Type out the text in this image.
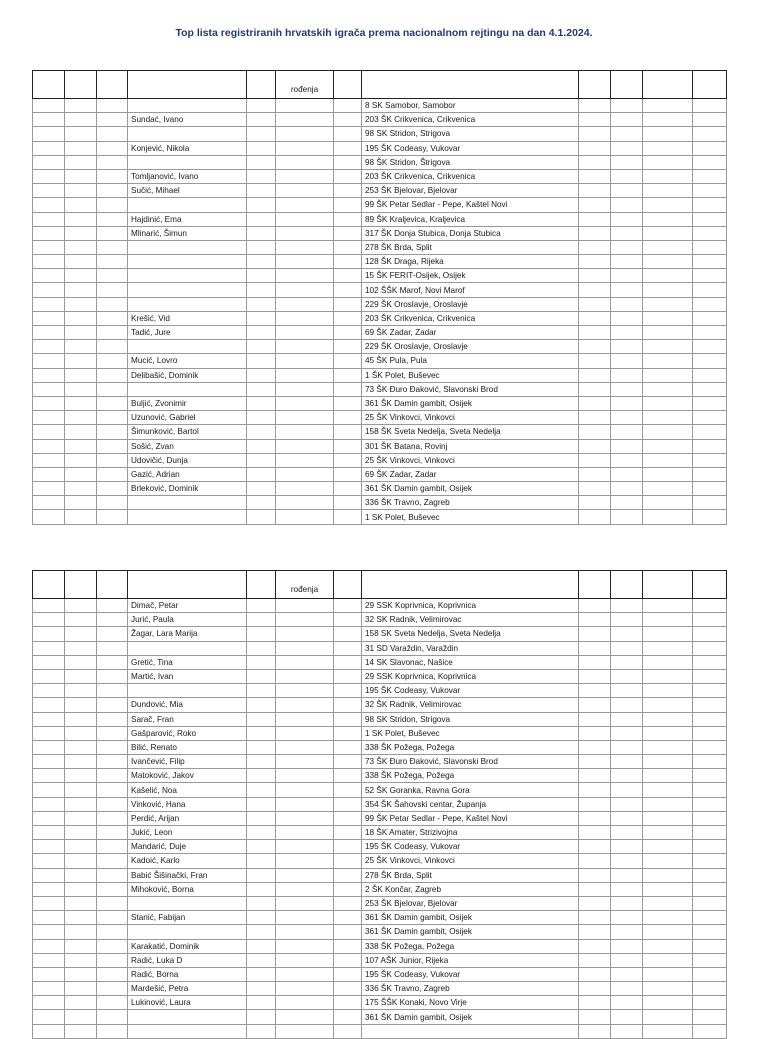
Top lista registriranih hrvatskih igrača prema nacionalnom rejtingu na dan 4.1.2024.
					rođenja						
							8 SK Samobor, Samobor				
			Sundać, Ivano				203 ŠK Crikvenica, Crikvenica				
							98 SK Stridon, Strigova				
			Konjević, Nikola				195 ŠK Codeasy, Vukovar				
							98 ŠK Stridon, Štrigova				
			Tomljanović, Ivano				203 ŠK Crikvenica, Crikvenica				
			Sučić, Mihael				253 ŠK Bjelovar, Bjelovar				
							99 ŠK Petar Sedlar - Pepe, Kaštel Novi				
			Hajdinić, Ema				89 ŠK Kraljevica, Kraljevica				
			Mlinarić, Šimun				317 ŠK Donja Stubica, Donja Stubica				
							278 ŠK Brda, Split				
							128 ŠK Draga, Rijeka				
							15 ŠK FERIT-Osijek, Osijek				
							102 ŠŠK Marof, Novi Marof				
							229 ŠK Oroslavje, Oroslavje				
			Krešić, Vid				203 ŠK Crikvenica, Crikvenica				
			Tadić, Jure				69 ŠK Zadar, Zadar				
							229 ŠK Oroslavje, Oroslavje				
			Mucić, Lovro				45 ŠK Pula, Pula				
			Delibašić, Dominik				1 ŠK Polet, Buševec				
							73 ŠK Đuro Đaković, Slavonski Brod				
			Buljić, Zvonimir				361 ŠK Damin gambit, Osijek				
			Uzunović, Gabriel				25 ŠK Vinkovci, Vinkovci				
			Šimunković, Bartol				158 ŠK Sveta Nedelja, Sveta Nedelja				
			Sošić, Zvan				301 ŠK Batana, Rovinj				
			Udovičić, Dunja				25 ŠK Vinkovci, Vinkovci				
			Gazić, Adrian				69 ŠK Zadar, Zadar				
			Brleković, Dominik				361 ŠK Damin gambit, Osijek				
							336 ŠK Travno, Zagreb				
							1 SK Polet, Buševec				
					rođenja						
			Dimač, Petar				29 SSK Koprivnica, Koprivnica				
			Jurić, Paula				32 SK Radnik, Velimirovac				
			Žagar, Lara Marija				158 SK Sveta Nedelja, Sveta Nedelja				
							31 SD Varaždin, Varaždin				
			Gretić, Tina				14 SK Slavonac, Našice				
			Martić, Ivan				29 SSK Koprivnica, Koprivnica				
							195 ŠK Codeasy, Vukovar				
			Dundović, Mia				32 ŠK Radnik, Velimirovac				
			Sarač, Fran				98 SK Stridon, Strigova				
			Gašparović, Roko				1 SK Polet, Buševec				
			Bilić, Renato				338 ŠK Požega, Požega				
			Ivančević, Filip				73 ŠK Đuro Đaković, Slavonski Brod				
			Matoković, Jakov				338 ŠK Požega, Požega				
			Kašelić, Noa				52 ŠK Goranka, Ravna Gora				
			Vinković, Hana				354 ŠK Šahovski centar, Županja				
			Perdić, Arijan				99 ŠK Petar Sedlar - Pepe, Kaštel Novi				
			Jukić, Leon				18 ŠK Amater, Strizivojna				
			Mandarić, Duje				195 ŠK Codeasy, Vukovar				
			Kadoić, Karlo				25 ŠK Vinkovci, Vinkovci				
			Babić Šišinački, Fran				278 ŠK Brda, Split				
			Mihoković, Borna				2 ŠK Končar, Zagreb				
							253 ŠK Bjelovar, Bjelovar				
			Stanić, Fabijan				361 ŠK Damin gambit, Osijek				
							361 ŠK Damin gambit, Osijek				
			Karakatić, Dominik				338 ŠK Požega, Požega				
			Radić, Luka D				107 AŠK Junior, Rijeka				
			Radić, Borna				195 ŠK Codeasy, Vukovar				
			Mardešić, Petra				336 ŠK Travno, Zagreb				
			Lukinović, Laura				175 ŠŠK Konaki, Novo Virje				
							361 ŠK Damin gambit, Osijek				
